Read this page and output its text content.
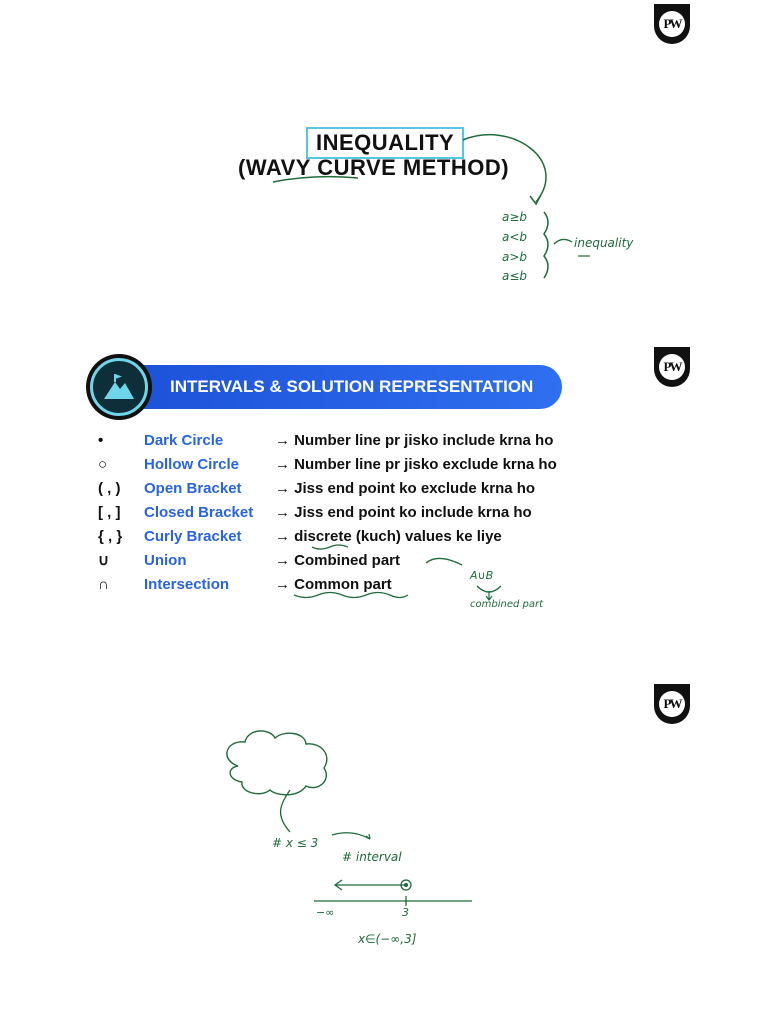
PW
INEQUALITY
(WAVY CURVE METHOD)
a≥b
a<b
a>b
a≤b
inequality
PW
INTERVALS & SOLUTION REPRESENTATION
•	Dark Circle	→ Number line pr jisko include krna ho
○	Hollow Circle	→ Number line pr jisko exclude krna ho
( , )	Open Bracket	→ Jiss end point ko exclude krna ho
[ , ]	Closed Bracket	→ Jiss end point ko include krna ho
{ , }	Curly Bracket	→ discrete (kuch) values ke liye
∪	Union	→ Combined part
∩	Intersection	→ Common part	A∪B
combined part
PW
# x ≤ 3
# interval
−∞	3
x∈(−∞,3]
